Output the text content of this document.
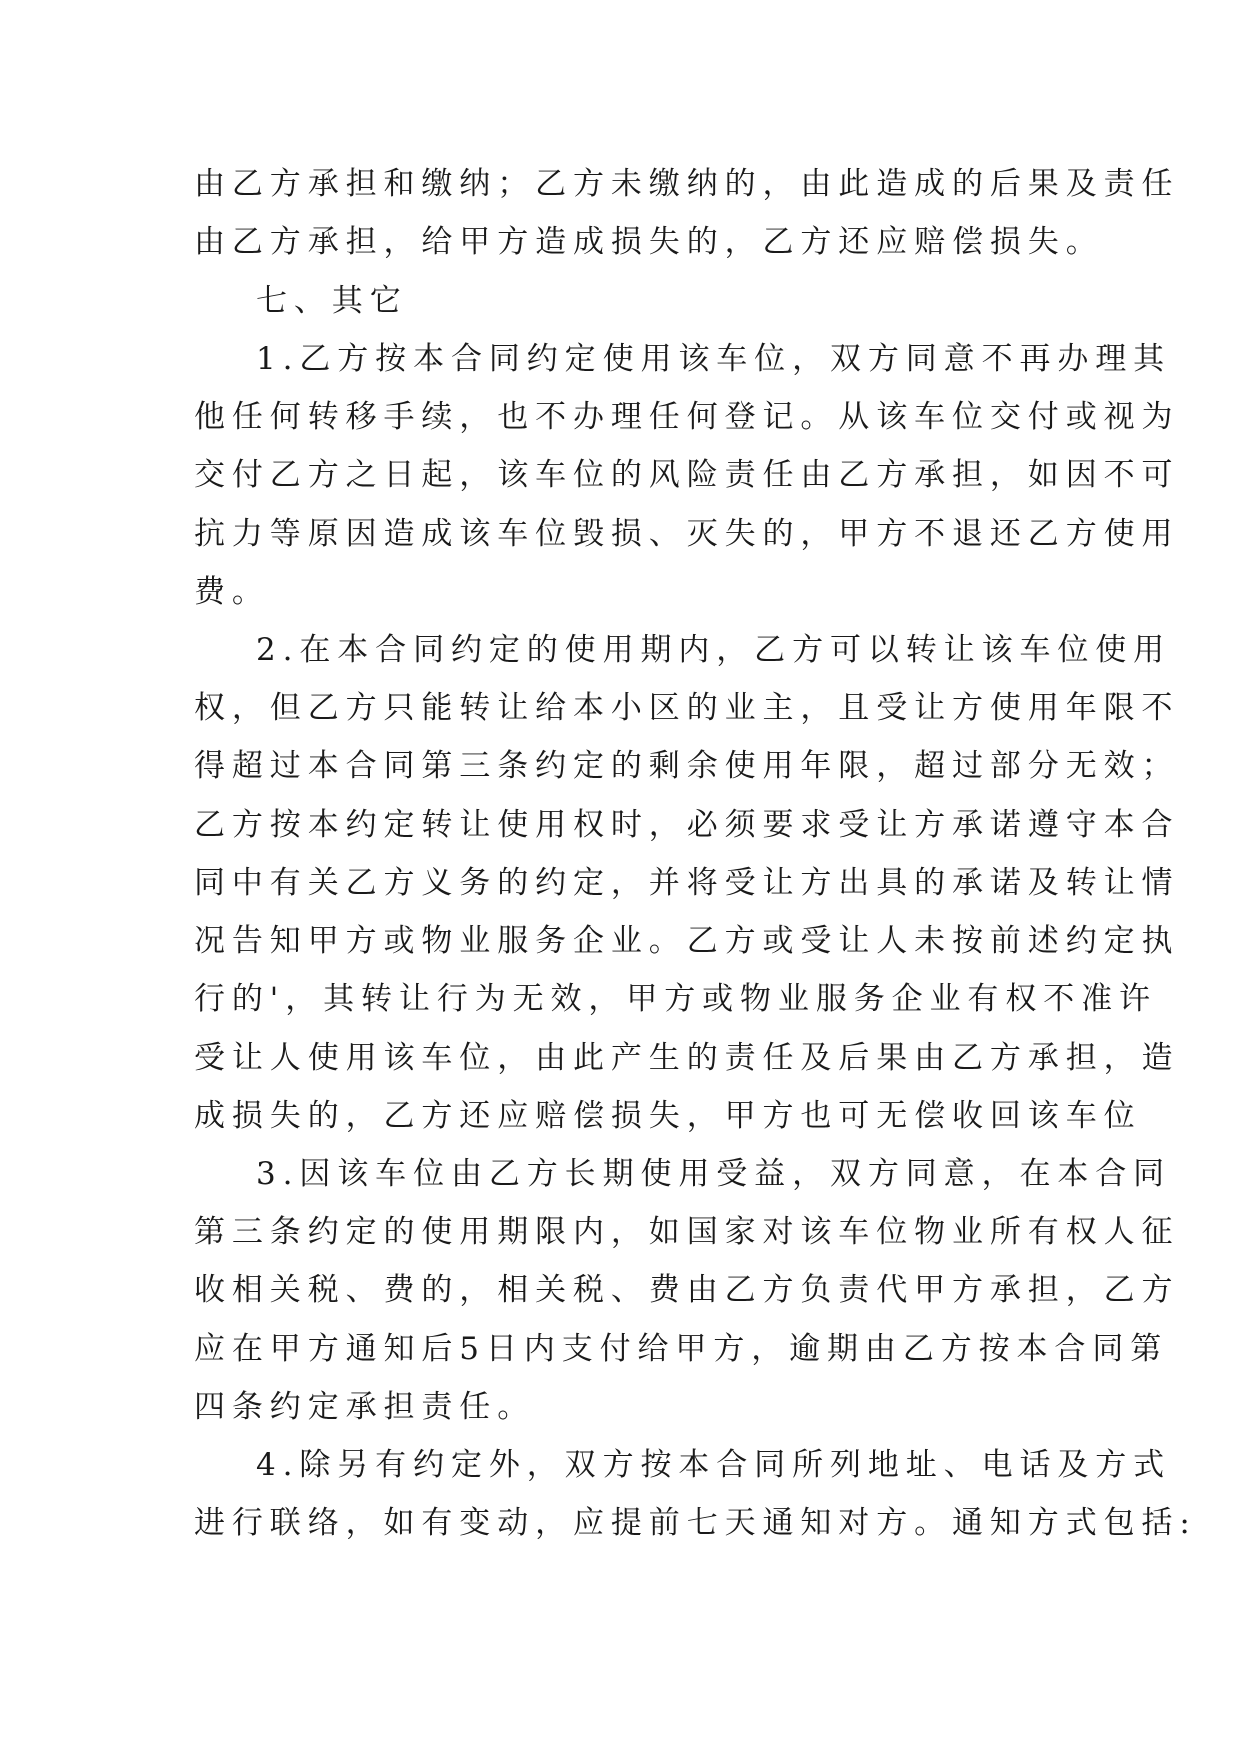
由乙方承担和缴纳；乙方未缴纳的，由此造成的后果及责任
由乙方承担，给甲方造成损失的，乙方还应赔偿损失。
七、其它
1.乙方按本合同约定使用该车位，双方同意不再办理其
他任何转移手续，也不办理任何登记。从该车位交付或视为
交付乙方之日起，该车位的风险责任由乙方承担，如因不可
抗力等原因造成该车位毁损、灭失的，甲方不退还乙方使用
费。
2.在本合同约定的使用期内，乙方可以转让该车位使用
权，但乙方只能转让给本小区的业主，且受让方使用年限不
得超过本合同第三条约定的剩余使用年限，超过部分无效；
乙方按本约定转让使用权时，必须要求受让方承诺遵守本合
同中有关乙方义务的约定，并将受让方出具的承诺及转让情
况告知甲方或物业服务企业。乙方或受让人未按前述约定执
行的'，其转让行为无效，甲方或物业服务企业有权不准许
受让人使用该车位，由此产生的责任及后果由乙方承担，造
成损失的，乙方还应赔偿损失，甲方也可无偿收回该车位
3.因该车位由乙方长期使用受益，双方同意，在本合同
第三条约定的使用期限内，如国家对该车位物业所有权人征
收相关税、费的，相关税、费由乙方负责代甲方承担，乙方
应在甲方通知后5日内支付给甲方，逾期由乙方按本合同第
四条约定承担责任。
4.除另有约定外，双方按本合同所列地址、电话及方式
进行联络，如有变动，应提前七天通知对方。通知方式包括:
